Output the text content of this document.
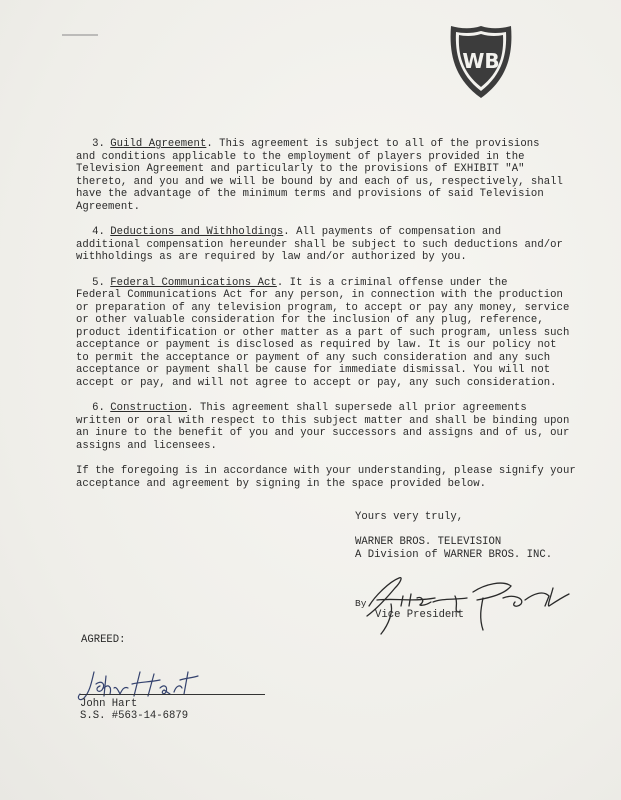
WB

   3.  Guild Agreement. This agreement is subject to all of the provisions
and conditions applicable to the employment of players provided in the
Television Agreement and particularly to the provisions of EXHIBIT "A"
thereto, and you and we will be bound by and each of us, respectively, shall
have the advantage of the minimum terms and provisions of said Television
Agreement.

   4.  Deductions and Withholdings. All payments of compensation and
additional compensation hereunder shall be subject to such deductions and/or
withholdings as are required by law and/or authorized by you.

   5.  Federal Communications Act. It is a criminal offense under the
Federal Communications Act for any person, in connection with the production
or preparation of any television program, to accept or pay any money, service
or other valuable consideration for the inclusion of any plug, reference,
product identification or other matter as a part of such program, unless such
acceptance or payment is disclosed as required by law. It is our policy not
to permit the acceptance or payment of any such consideration and any such
acceptance or payment shall be cause for immediate dismissal. You will not
accept or pay, and will not agree to accept or pay, any such consideration.

   6.  Construction. This agreement shall supersede all prior agreements
written or oral with respect to this subject matter and shall be binding upon
an inure to the benefit of you and your successors and assigns and of us, our
assigns and licensees.

If the foregoing is in accordance with your understanding, please signify your
acceptance and agreement by signing in the space provided below.

Yours very truly,

WARNER BROS. TELEVISION
A Division of WARNER BROS. INC.
By
Vice President
AGREED:
John Hart
S.S. #563-14-6879
